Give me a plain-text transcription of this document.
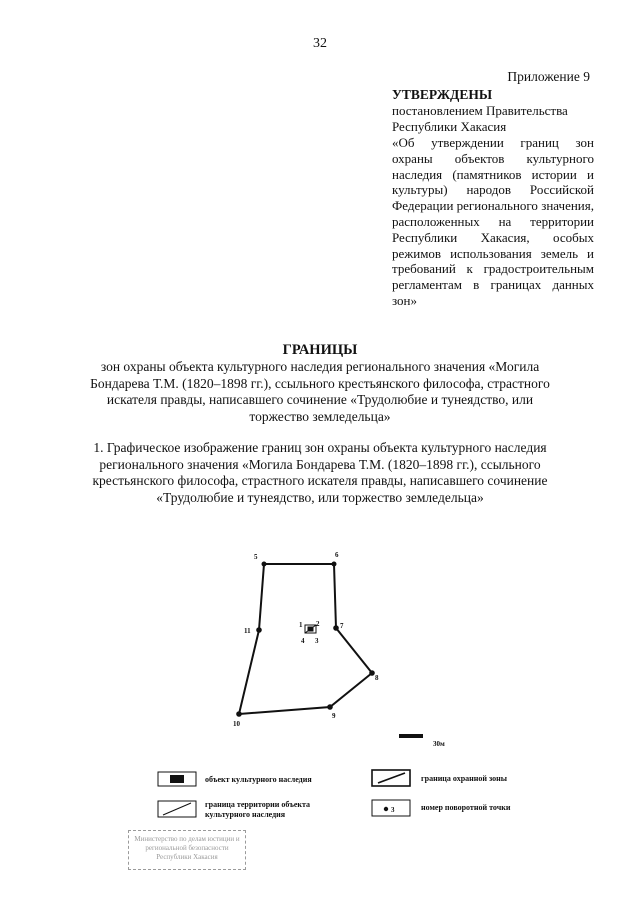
32
Приложение 9
УТВЕРЖДЕНЫ
постановлением Правительства
Республики Хакасия
«Об утверждении границ зон охраны объектов культурного наследия (памятников истории и культуры) народов Российской Федерации регионального значения, расположенных на территории Республики Хакасия, особых режимов использования земель и требований к градостроительным регламентам в границах данных зон»
ГРАНИЦЫ
зон охраны объекта культурного наследия регионального значения «Могила Бондарева Т.М. (1820–1898 гг.), ссыльного крестьянского философа, страстного искателя правды, написавшего сочинение «Трудолюбие и тунеядство, или торжество земледельца»
1. Графическое изображение границ зон охраны объекта культурного наследия регионального значения «Могила Бондарева Т.М. (1820–1898 гг.), ссыльного крестьянского философа, страстного искателя правды, написавшего сочинение «Трудолюбие и тунеядство, или торжество земледельца»
5	6
7
8
9
10
11
1 2
3
4
30м
3
объект культурного наследия	граница охранной зоны
граница территории объекта культурного наследия
номер поворотной точки
Министерство по делам юстиции и региональной безопасности Республики Хакасия
